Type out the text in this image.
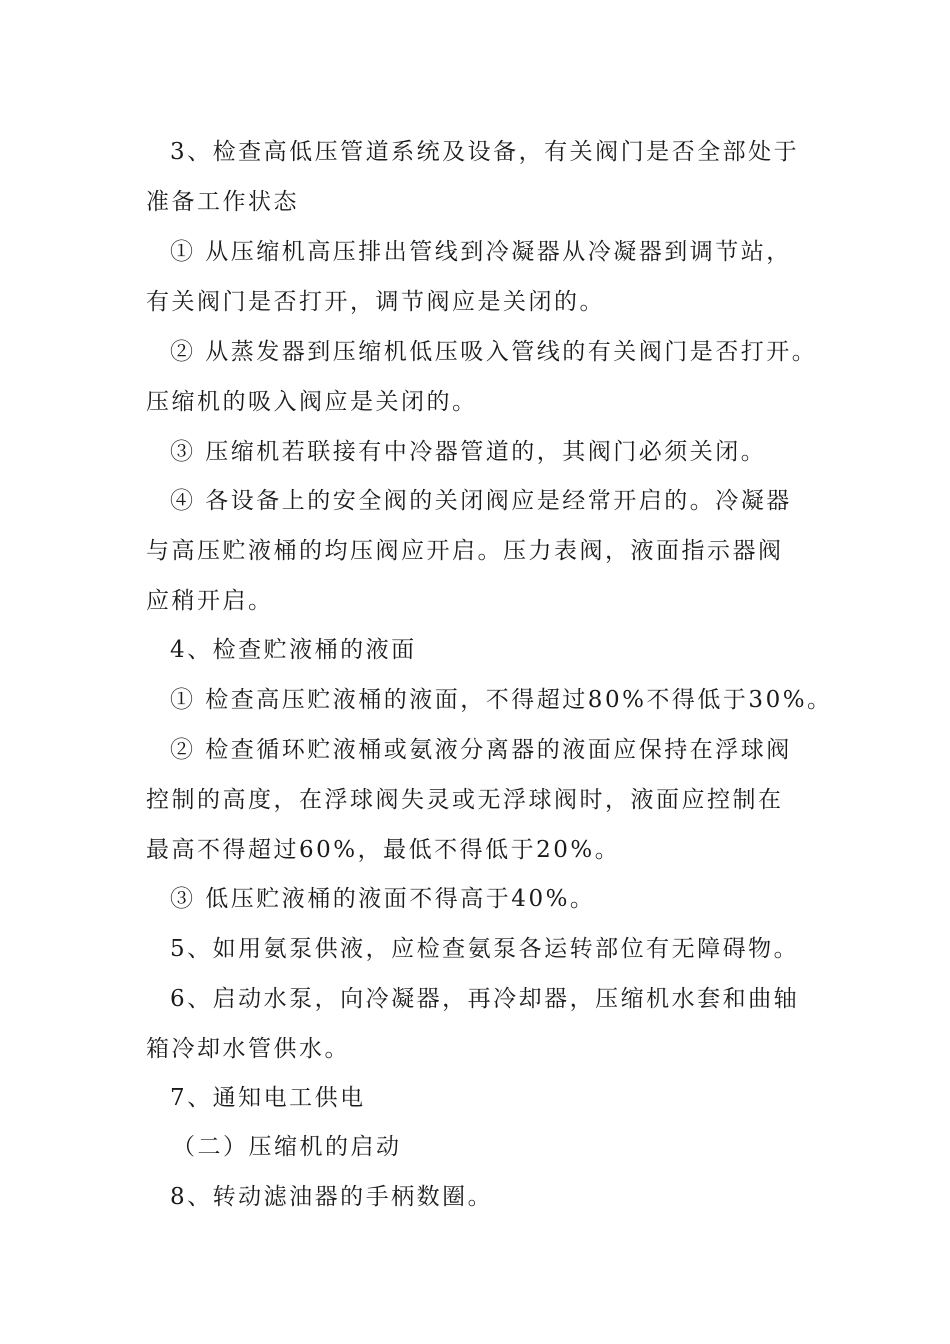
3、检查高低压管道系统及设备，有关阀门是否全部处于
准备工作状态
① 从压缩机高压排出管线到冷凝器从冷凝器到调节站，
有关阀门是否打开，调节阀应是关闭的。
② 从蒸发器到压缩机低压吸入管线的有关阀门是否打开。
压缩机的吸入阀应是关闭的。
③ 压缩机若联接有中冷器管道的，其阀门必须关闭。
④ 各设备上的安全阀的关闭阀应是经常开启的。冷凝器
与高压贮液桶的均压阀应开启。压力表阀，液面指示器阀
应稍开启。
4、检查贮液桶的液面
① 检查高压贮液桶的液面，不得超过80%不得低于30%。
② 检查循环贮液桶或氨液分离器的液面应保持在浮球阀
控制的高度，在浮球阀失灵或无浮球阀时，液面应控制在
最高不得超过60%，最低不得低于20%。
③ 低压贮液桶的液面不得高于40%。
5、如用氨泵供液，应检查氨泵各运转部位有无障碍物。
6、启动水泵，向冷凝器，再冷却器，压缩机水套和曲轴
箱冷却水管供水。
7、通知电工供电
（二）压缩机的启动
8、转动滤油器的手柄数圈。
